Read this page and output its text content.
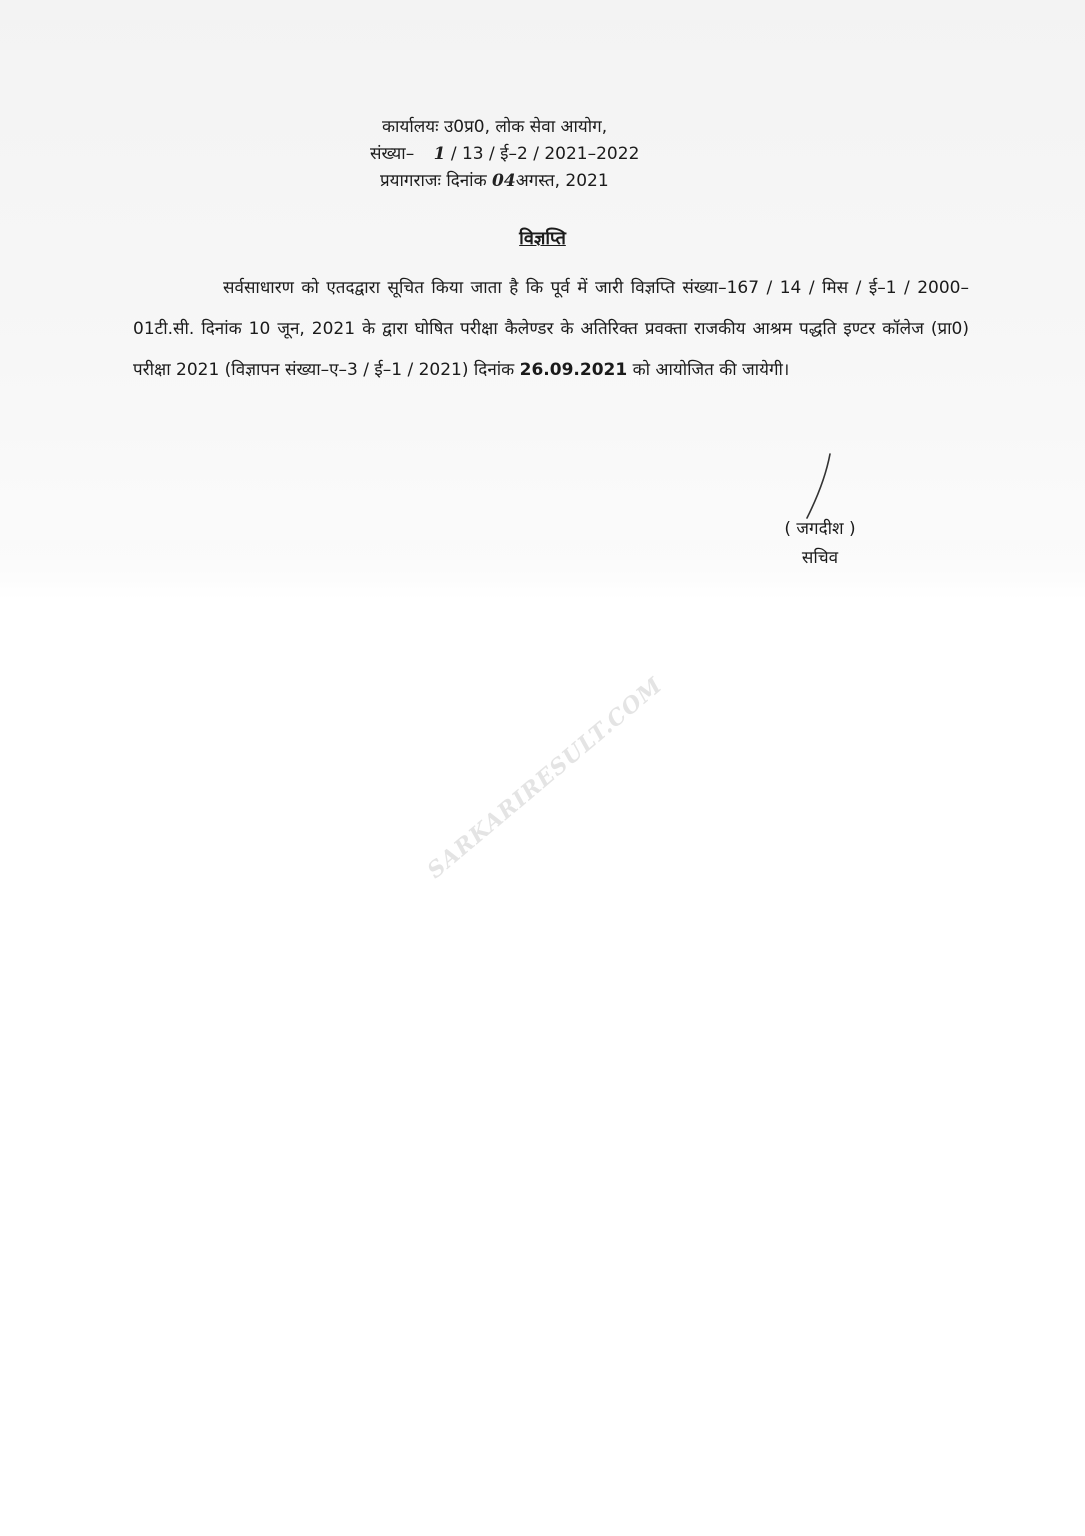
कार्यालयः उ0प्र0, लोक सेवा आयोग,
संख्या– 1 / 13 / ई–2 / 2021–2022
प्रयागराजः दिनांक 04अगस्त, 2021
विज्ञप्ति
सर्वसाधारण को एतदद्वारा सूचित किया जाता है कि पूर्व में जारी विज्ञप्ति संख्या–167 / 14 / मिस / ई–1 / 2000–01टी.सी. दिनांक 10 जून, 2021 के द्वारा घोषित परीक्षा कैलेण्डर के अतिरिक्त प्रवक्ता राजकीय आश्रम पद्धति इण्टर कॉलेज (प्रा0) परीक्षा 2021 (विज्ञापन संख्या–ए–3 / ई–1 / 2021) दिनांक 26.09.2021 को आयोजित की जायेगी।
( जगदीश )
सचिव
SARKARIRESULT.COM
